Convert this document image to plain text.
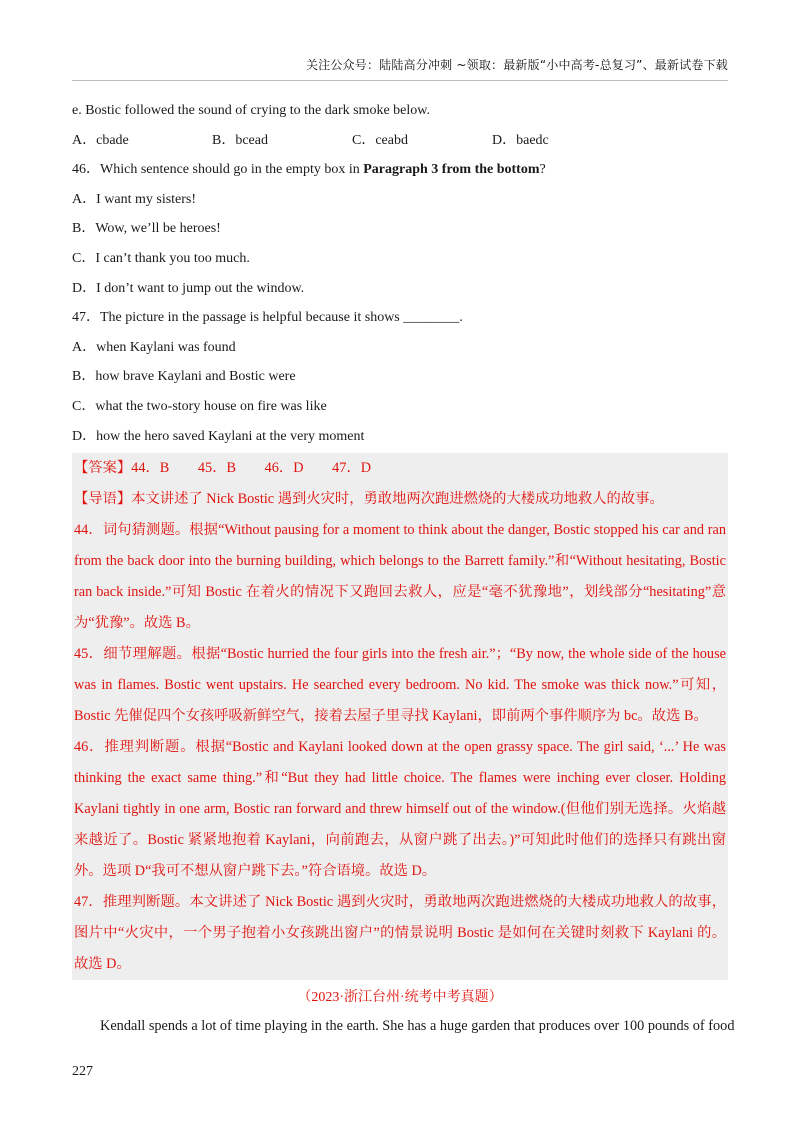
关注公众号：陆陆高分冲刺 ~领取：最新版“小中高考-总复习”、最新试卷下载
e. Bostic followed the sound of crying to the dark smoke below.
A．cbade	B．bcead	C．ceabd	D．baedc
46．Which sentence should go in the empty box in Paragraph 3 from the bottom?
A．I want my sisters!
B．Wow, we’ll be heroes!
C．I can’t thank you too much.
D．I don’t want to jump out the window.
47．The picture in the passage is helpful because it shows ________.
A．when Kaylani was found
B．how brave Kaylani and Bostic were
C．what the two-story house on fire was like
D．how the hero saved Kaylani at the very moment

【答案】44．B　　45．B　　46．D　　47．D

【导语】本文讲述了 Nick Bostic 遇到火灾时，勇敢地两次跑进燃烧的大楼成功地救人的故事。

44．词句猜测题。根据“Without pausing for a moment to think about the danger, Bostic stopped his car and ran from the back door into the burning building, which belongs to the Barrett family.”和“Without hesitating, Bostic ran back inside.”可知 Bostic 在着火的情况下又跑回去救人，应是“毫不犹豫地”，划线部分“hesitating”意为“犹豫”。故选 B。

45．细节理解题。根据“Bostic hurried the four girls into the fresh air.”；“By now, the whole side of the house was in flames. Bostic went upstairs. He searched every bedroom. No kid. The smoke was thick now.”可知，Bostic 先催促四个女孩呼吸新鲜空气，接着去屋子里寻找 Kaylani，即前两个事件顺序为 bc。故选 B。

46．推理判断题。根据“Bostic and Kaylani looked down at the open grassy space. The girl said, ‘...’ He was thinking the exact same thing.”和“But they had little choice. The flames were inching ever closer. Holding Kaylani tightly in one arm, Bostic ran forward and threw himself out of the window.(但他们别无选择。火焰越来越近了。Bostic 紧紧地抱着 Kaylani，向前跑去，从窗户跳了出去。)”可知此时他们的选择只有跳出窗外。选项 D“我可不想从窗户跳下去。”符合语境。故选 D。

47．推理判断题。本文讲述了 Nick Bostic 遇到火灾时，勇敢地两次跑进燃烧的大楼成功地救人的故事，图片中“火灾中，一个男子抱着小女孩跳出窗户”的情景说明 Bostic 是如何在关键时刻救下 Kaylani 的。故选 D。

（2023·浙江台州·统考中考真题）
Kendall spends a lot of time playing in the earth. She has a huge garden that produces over 100 pounds of food
227
